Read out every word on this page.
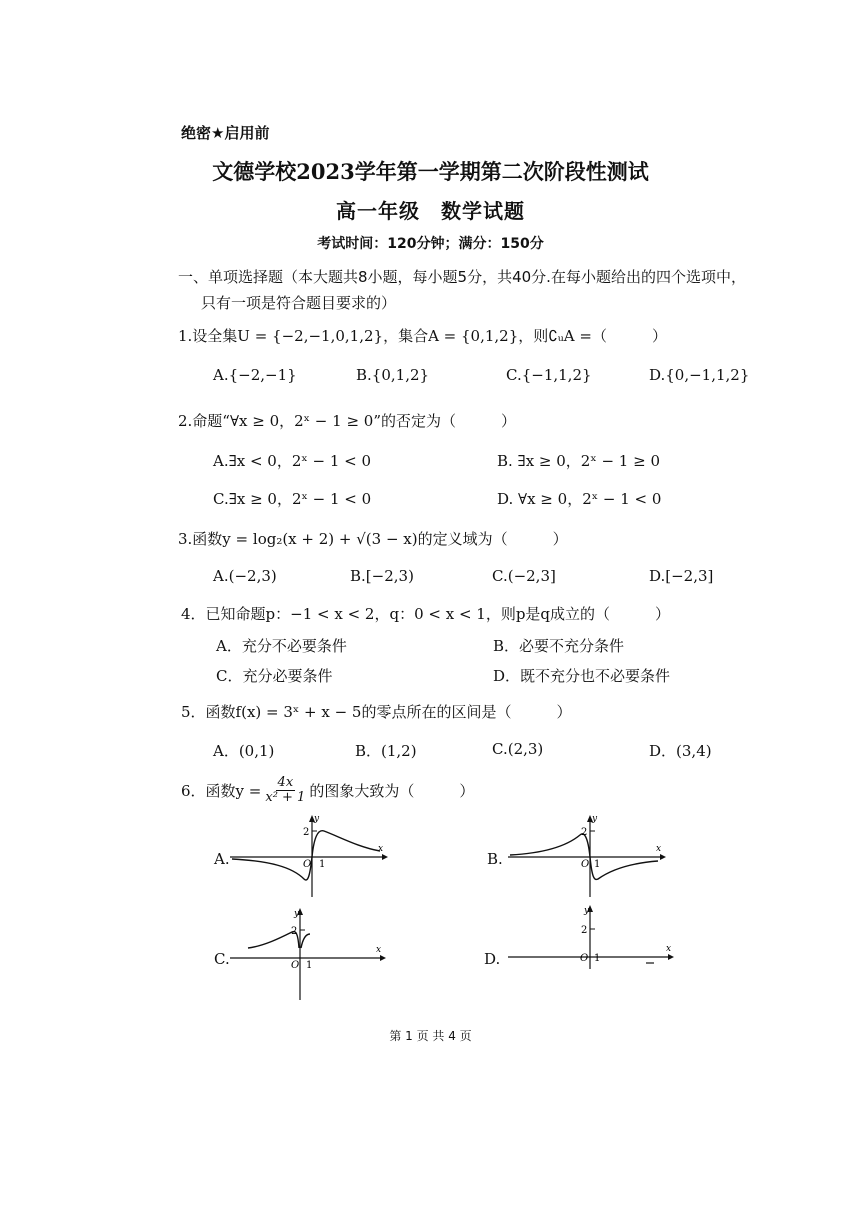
绝密★启用前
文德学校2023学年第一学期第二次阶段性测试
高一年级　数学试题
考试时间：120分钟；满分：150分
一、单项选择题（本大题共8小题，每小题5分，共40分.在每小题给出的四个选项中，
只有一项是符合题目要求的）
1.设全集U = {−2,−1,0,1,2}，集合A = {0,1,2}，则∁ᵤA =（　　　）
A.{−2,−1}	B.{0,1,2}	C.{−1,1,2}	D.{0,−1,1,2}
2.命题“∀x ≥ 0，2ˣ − 1 ≥ 0”的否定为（　　　）
A.∃x < 0，2ˣ − 1 < 0	B. ∃x ≥ 0，2ˣ − 1 ≥ 0
C.∃x ≥ 0，2ˣ − 1 < 0	D. ∀x ≥ 0，2ˣ − 1 < 0
3.函数y = log₂(x + 2) + √(3 − x)的定义域为（　　　）
A.(−2,3)	B.[−2,3)	C.(−2,3]	D.[−2,3]
4．已知命题p：−1 < x < 2，q：0 < x < 1，则p是q成立的（　　　）
A．充分不必要条件	B．必要不充分条件
C．充分必要条件	D．既不充分也不必要条件
5．函数f(x) = 3ˣ + x − 5的零点所在的区间是（　　　）
A．(0,1)	B．(1,2)	C.(2,3)	D．(3,4)
6．函数$y = \frac{4x}{\text{x² + 1}}$ 的图象大致为（　　　）
A.	B.
C.	D.
y
x
2
O 1
y
x
2
O 1
y
x
2
O 1
y
x
2
O 1
第 1 页 共 4 页
